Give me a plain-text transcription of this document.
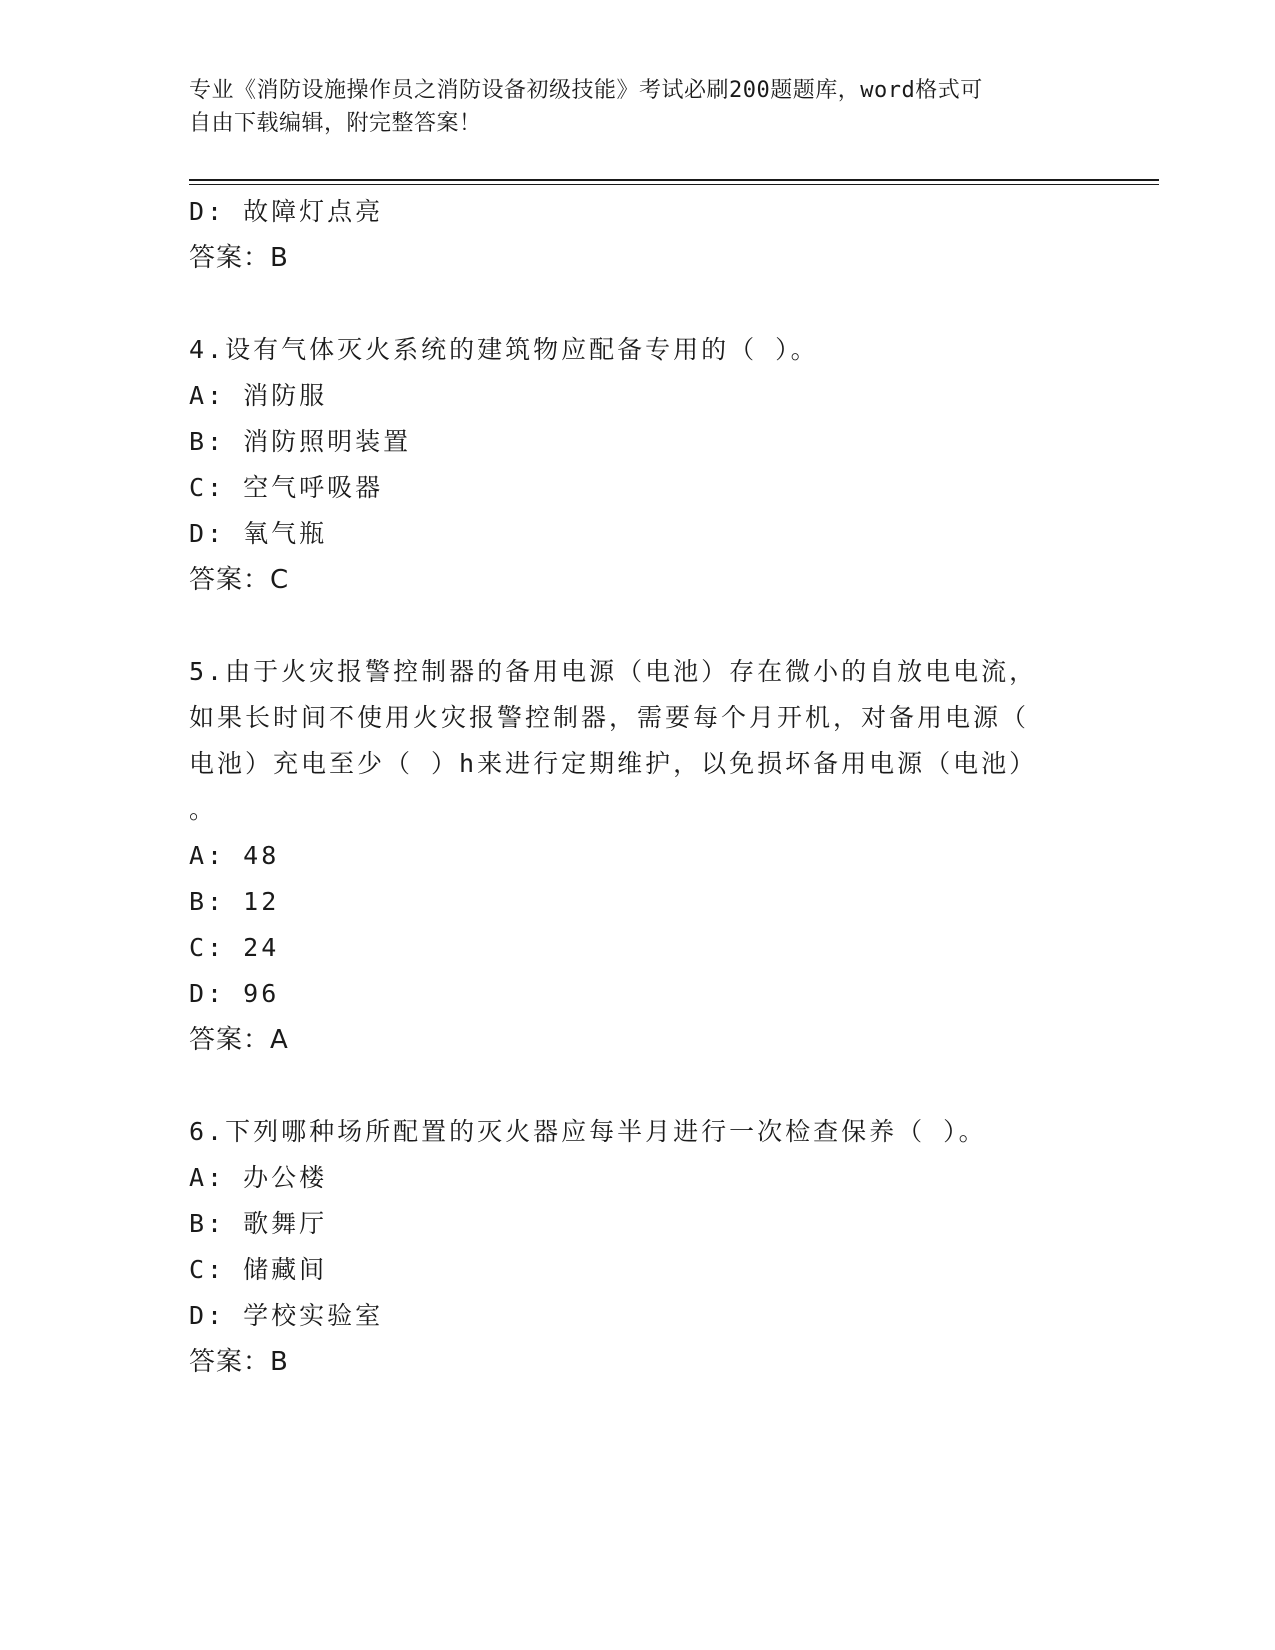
专业《消防设施操作员之消防设备初级技能》考试必刷200题题库，word格式可
自由下载编辑，附完整答案！
D: 故障灯点亮
答案：B
4.设有气体灭火系统的建筑物应配备专用的（ ）。
A: 消防服
B: 消防照明装置
C: 空气呼吸器
D: 氧气瓶
答案：C
5.由于火灾报警控制器的备用电源（电池）存在微小的自放电电流，
如果长时间不使用火灾报警控制器，需要每个月开机，对备用电源（
电池）充电至少（ ）h来进行定期维护，以免损坏备用电源（电池）
。
A: 48
B: 12
C: 24
D: 96
答案：A
6.下列哪种场所配置的灭火器应每半月进行一次检查保养（ ）。
A: 办公楼
B: 歌舞厅
C: 储藏间
D: 学校实验室
答案：B
